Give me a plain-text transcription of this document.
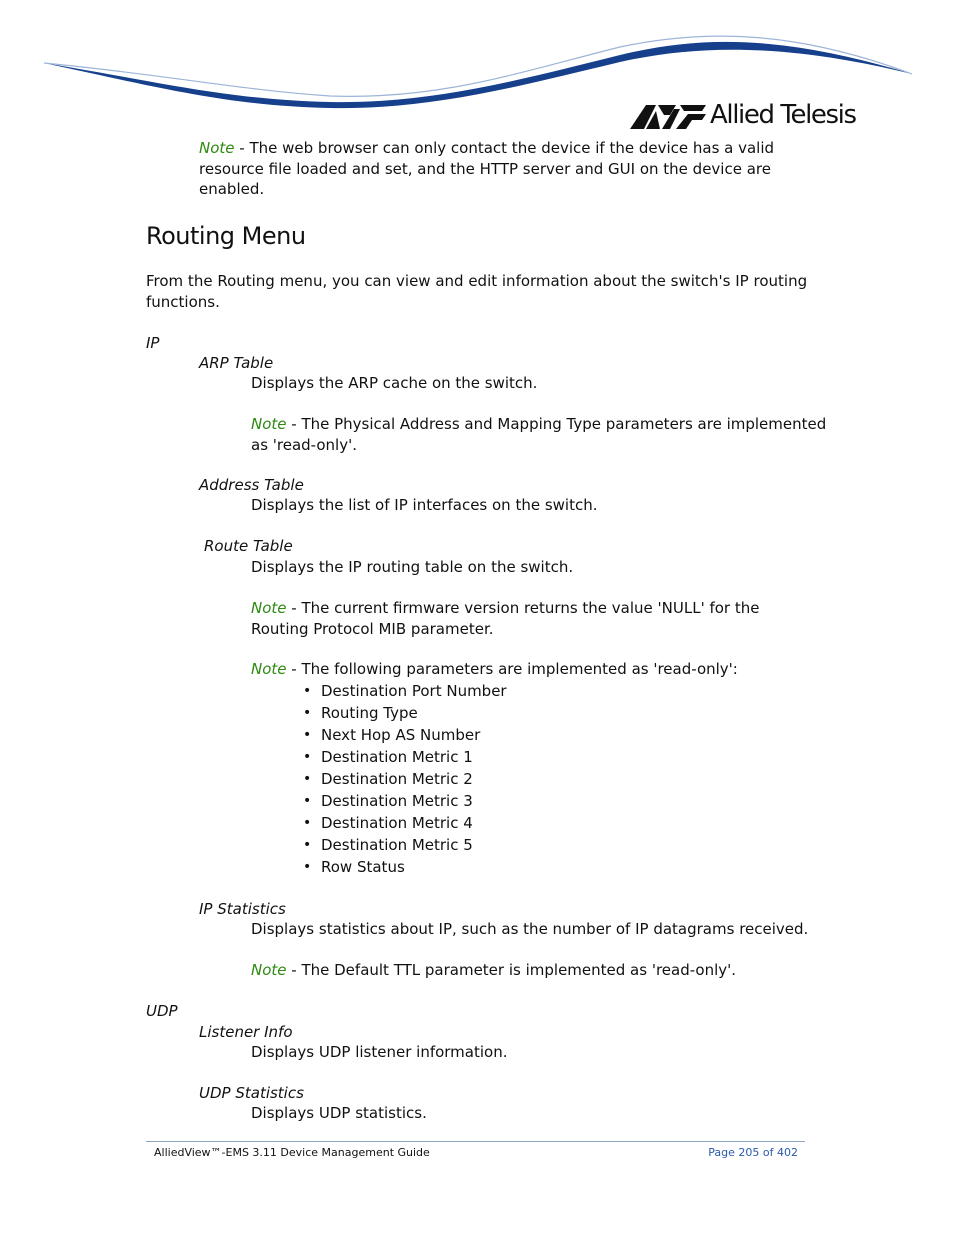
Allied Telesis
Note - The web browser can only contact the device if the device has a valid
resource file loaded and set, and the HTTP server and GUI on the device are
enabled.
Routing Menu
From the Routing menu, you can view and edit information about the switch's IP routing
functions.
IP
ARP Table
Displays the ARP cache on the switch.
Note - The Physical Address and Mapping Type parameters are implemented
as 'read-only'.
Address Table
Displays the list of IP interfaces on the switch.
Route Table
Displays the IP routing table on the switch.
Note - The current firmware version returns the value 'NULL' for the
Routing Protocol MIB parameter.
Note - The following parameters are implemented as 'read-only':
• Destination Port Number
• Routing Type
• Next Hop AS Number
• Destination Metric 1
• Destination Metric 2
• Destination Metric 3
• Destination Metric 4
• Destination Metric 5
• Row Status
IP Statistics
Displays statistics about IP, such as the number of IP datagrams received.
Note - The Default TTL parameter is implemented as 'read-only'.
UDP
Listener Info
Displays UDP listener information.
UDP Statistics
Displays UDP statistics.
AlliedView™-EMS 3.11 Device Management Guide	Page 205 of 402
